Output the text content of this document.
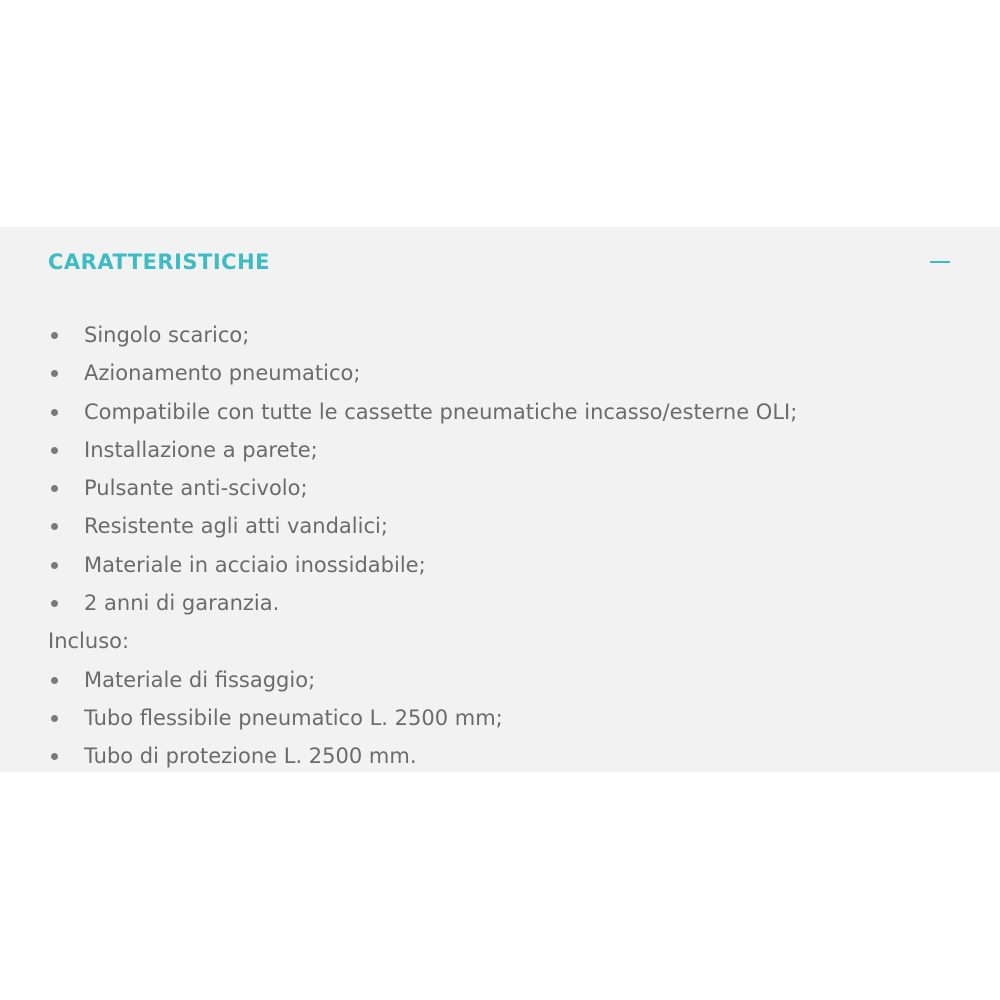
CARATTERISTICHE
Singolo scarico;
Azionamento pneumatico;
Compatibile con tutte le cassette pneumatiche incasso/esterne OLI;
Installazione a parete;
Pulsante anti-scivolo;
Resistente agli atti vandalici;
Materiale in acciaio inossidabile;
2 anni di garanzia.

Incluso:

Materiale di fissaggio;
Tubo flessibile pneumatico L. 2500 mm;
Tubo di protezione L. 2500 mm.
